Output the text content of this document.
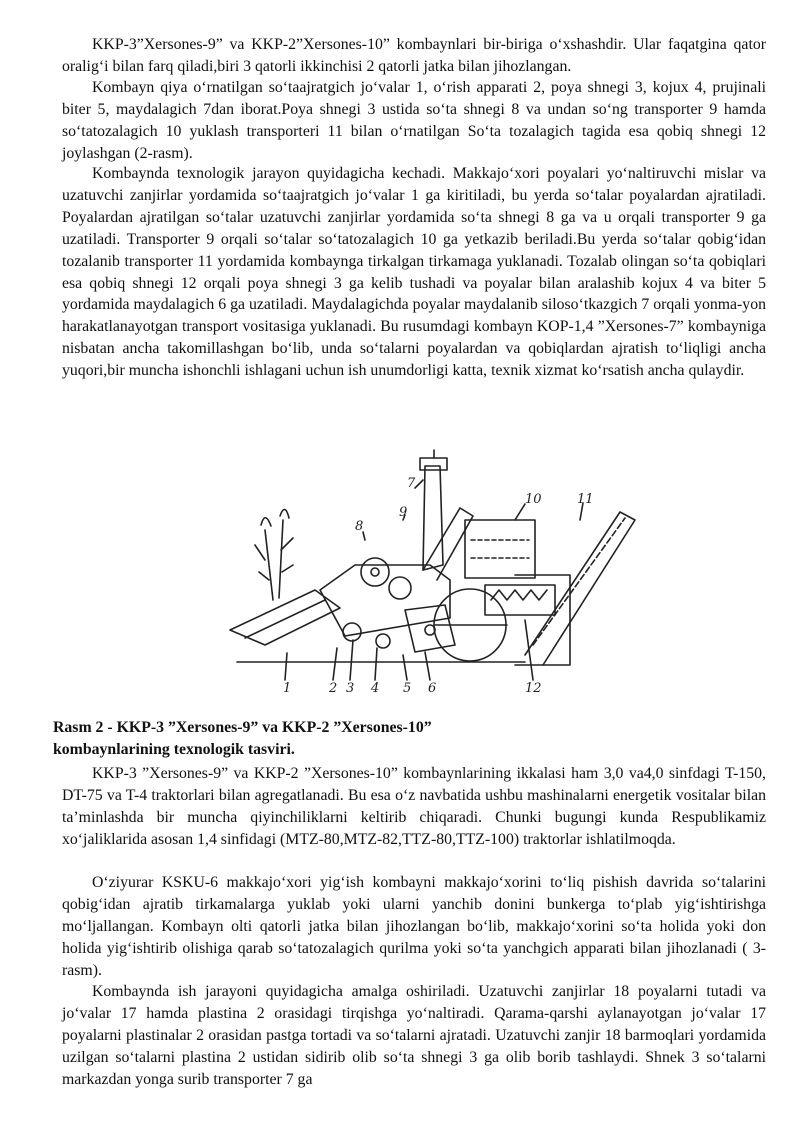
KKP-3”Xersones-9” va KKP-2”Xersones-10” kombaynlari bir-biriga oʻxshashdir. Ular faqatgina qator oraligʻi bilan farq qiladi,biri 3 qatorli ikkinchisi 2 qatorli jatka bilan jihozlangan.

Kombayn qiya oʻrnatilgan soʻtaajratgich joʻvalar 1, oʻrish apparati 2, poya shnegi 3, kojux 4, prujinali biter 5, maydalagich 7dan iborat.Poya shnegi 3 ustida soʻta shnegi 8 va undan soʻng transporter 9 hamda soʻtatozalagich 10 yuklash transporteri 11 bilan oʻrnatilgan Soʻta tozalagich tagida esa qobiq shnegi 12 joylashgan (2-rasm).

Kombaynda texnologik jarayon quyidagicha kechadi. Makkajoʻxori poyalari yoʻnaltiruvchi mislar va uzatuvchi zanjirlar yordamida soʻtaajratgich joʻvalar 1 ga kiritiladi, bu yerda soʻtalar poyalardan ajratiladi. Poyalardan ajratilgan soʻtalar uzatuvchi zanjirlar yordamida soʻta shnegi 8 ga va u orqali transporter 9 ga uzatiladi. Transporter 9 orqali soʻtalar soʻtatozalagich 10 ga yetkazib beriladi.Bu yerda soʻtalar qobigʻidan tozalanib transporter 11 yordamida kombaynga tirkalgan tirkamaga yuklanadi. Tozalab olingan soʻta qobiqlari esa qobiq shnegi 12 orqali poya shnegi 3 ga kelib tushadi va poyalar bilan aralashib kojux 4 va biter 5 yordamida maydalagich 6 ga uzatiladi. Maydalagichda poyalar maydalanib silosoʻtkazgich 7 orqali yonma-yon harakatlanayotgan transport vositasiga yuklanadi. Bu rusumdagi kombayn KOP-1,4 ”Xersones-7” kombayniga nisbatan ancha takomillashgan boʻlib, unda soʻtalarni poyalardan va qobiqlardan ajratish toʻliqligi ancha yuqori,bir muncha ishonchli ishlagani uchun ish unumdorligi katta, texnik xizmat koʻrsatish ancha qulaydir.

1	2 3 4 5 6
7
8
9
10	11
12
Rasm 2 - KKP-3 ”Xersones-9” va KKP-2 ”Xersones-10”
kombaynlarining texnologik tasviri.

KKP-3 ”Xersones-9” va KKP-2 ”Xersones-10” kombaynlarining ikkalasi ham 3,0 va4,0 sinfdagi T-150, DT-75 va T-4 traktorlari bilan agregatlanadi. Bu esa oʻz navbatida ushbu mashinalarni energetik vositalar bilan ta’minlashda bir muncha qiyinchiliklarni keltirib chiqaradi. Chunki bugungi kunda Respublikamiz xoʻjaliklarida asosan 1,4 sinfidagi (MTZ-80,MTZ-82,TTZ-80,TTZ-100) traktorlar ishlatilmoqda.

Oʻziyurar KSKU-6 makkajoʻxori yigʻish kombayni makkajoʻxorini toʻliq pishish davrida soʻtalarini qobigʻidan ajratib tirkamalarga yuklab yoki ularni yanchib donini bunkerga toʻplab yigʻishtirishga moʻljallangan. Kombayn olti qatorli jatka bilan jihozlangan boʻlib, makkajoʻxorini soʻta holida yoki don holida yigʻishtirib olishiga qarab soʻtatozalagich qurilma yoki soʻta yanchgich apparati bilan jihozlanadi ( 3-rasm).

Kombaynda ish jarayoni quyidagicha amalga oshiriladi. Uzatuvchi zanjirlar 18 poyalarni tutadi va joʻvalar 17 hamda plastina 2 orasidagi tirqishga yoʻnaltiradi. Qarama-qarshi aylanayotgan joʻvalar 17 poyalarni plastinalar 2 orasidan pastga tortadi va soʻtalarni ajratadi. Uzatuvchi zanjir 18 barmoqlari yordamida uzilgan soʻtalarni plastina 2 ustidan sidirib olib soʻta shnegi 3 ga olib borib tashlaydi. Shnek 3 soʻtalarni markazdan yonga surib transporter 7 ga
